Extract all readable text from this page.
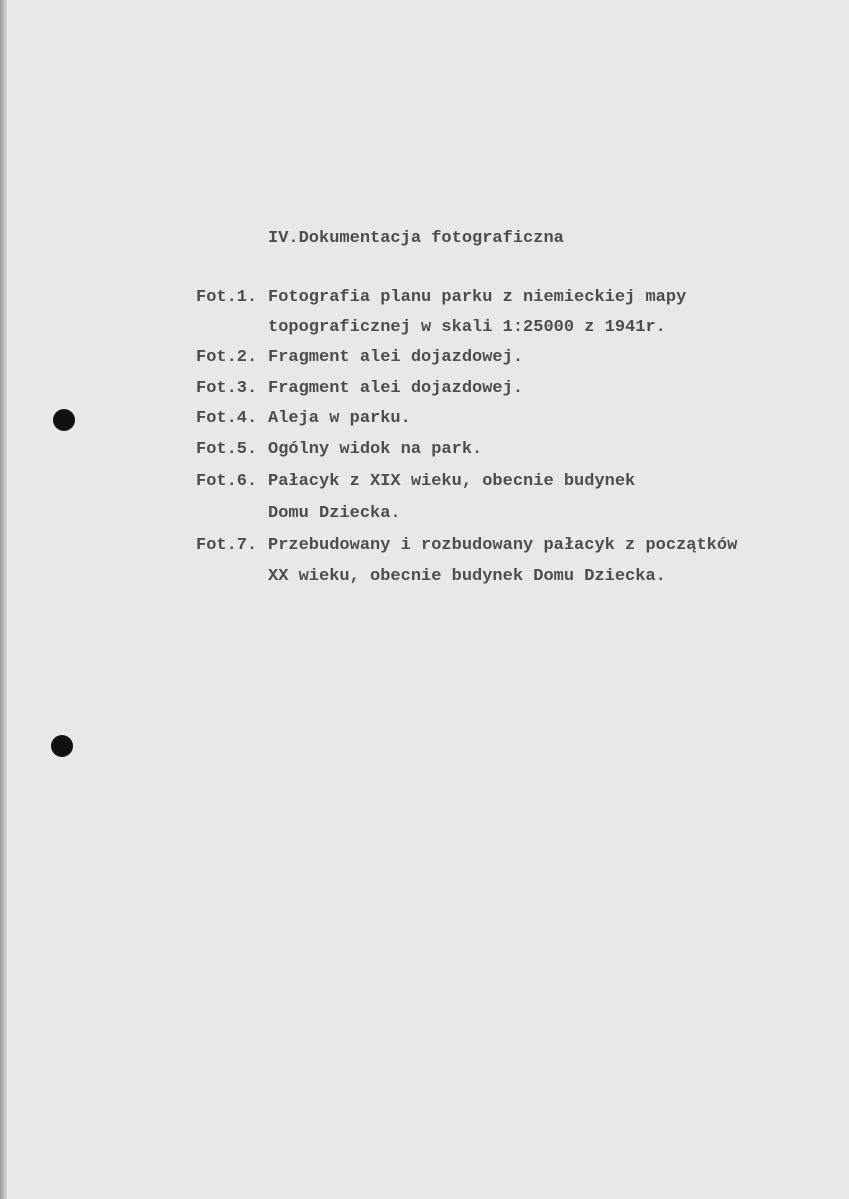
IV.Dokumentacja fotograficzna
Fot.1. Fotografia planu parku z niemieckiej mapy
topograficznej w skali 1:25000 z 1941r.
Fot.2. Fragment alei dojazdowej.
Fot.3. Fragment alei dojazdowej.
Fot.4. Aleja w parku.
Fot.5. Ogólny widok na park.
Fot.6. Pałacyk z XIX wieku, obecnie budynek
Domu Dziecka.
Fot.7. Przebudowany i rozbudowany pałacyk z początków
XX wieku, obecnie budynek Domu Dziecka.
